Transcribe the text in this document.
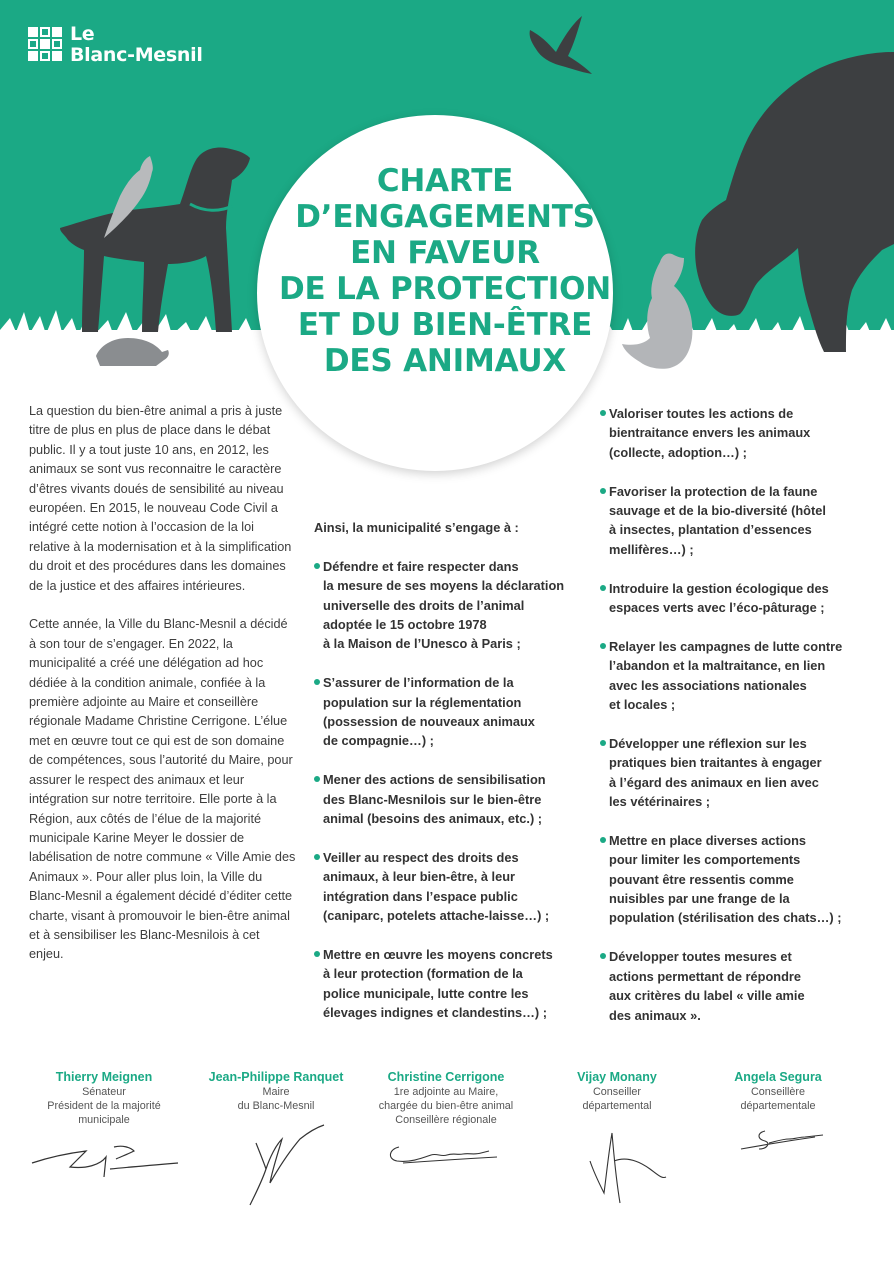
Le
Blanc-Mesnil
CHARTE
D’ENGAGEMENTS
EN FAVEUR
DE LA PROTECTION
ET DU BIEN-ÊTRE
DES ANIMAUX

La question du bien-être animal a pris à juste titre de plus en plus de place dans le débat public. Il y a tout juste 10 ans, en 2012, les animaux se sont vus reconnaitre le caractère d’êtres vivants doués de sensibilité au niveau européen. En 2015, le nouveau Code Civil a intégré cette notion à l’occasion de la loi relative à la modernisation et à la simplification du droit et des procédures dans les domaines de la justice et des affaires intérieures.

Cette année, la Ville du Blanc-Mesnil a décidé à son tour de s’engager. En 2022, la municipalité a créé une délégation ad hoc dédiée à la condition animale, confiée à la première adjointe au Maire et conseillère régionale Madame Christine Cerrigone. L’élue met en œuvre tout ce qui est de son domaine de compétences, sous l’autorité du Maire, pour assurer le respect des animaux et leur intégration sur notre territoire. Elle porte à la Région, aux côtés de l’élue de la majorité municipale Karine Meyer le dossier de labélisation de notre commune « Ville Amie des Animaux ». Pour aller plus loin, la Ville du Blanc-Mesnil a également décidé d’éditer cette charte, visant à promouvoir le bien-être animal et à sensibiliser les Blanc-Mesnilois à cet enjeu.

Ainsi, la municipalité s’engage à :

Défendre et faire respecter dans
la mesure de ses moyens la déclaration
universelle des droits de l’animal
adoptée le 15 octobre 1978
à la Maison de l’Unesco à Paris ;
S’assurer de l’information de la
population sur la réglementation
(possession de nouveaux animaux
de compagnie…) ;
Mener des actions de sensibilisation
des Blanc-Mesnilois sur le bien-être
animal (besoins des animaux, etc.) ;
Veiller au respect des droits des
animaux, à leur bien-être, à leur
intégration dans l’espace public
(caniparc, potelets attache-laisse…) ;
Mettre en œuvre les moyens concrets
à leur protection (formation de la
police municipale, lutte contre les
élevages indignes et clandestins…) ;
Valoriser toutes les actions de
bientraitance envers les animaux
(collecte, adoption…) ;
Favoriser la protection de la faune
sauvage et de la bio-diversité (hôtel
à insectes, plantation d’essences
mellifères…) ;
Introduire la gestion écologique des
espaces verts avec l’éco-pâturage ;
Relayer les campagnes de lutte contre
l’abandon et la maltraitance, en lien
avec les associations nationales
et locales ;
Développer une réflexion sur les
pratiques bien traitantes à engager
à l’égard des animaux en lien avec
les vétérinaires ;
Mettre en place diverses actions
pour limiter les comportements
pouvant être ressentis comme
nuisibles par une frange de la
population (stérilisation des chats…) ;
Développer toutes mesures et
actions permettant de répondre
aux critères du label « ville amie
des animaux ».
Thierry Meignen
Sénateur
Président de la majorité
municipale
Jean-Philippe Ranquet
Maire
du Blanc-Mesnil
Christine Cerrigone
1re adjointe au Maire,
chargée du bien-être animal
Conseillère régionale
Vijay Monany
Conseiller
départemental
Angela Segura
Conseillère
départementale
